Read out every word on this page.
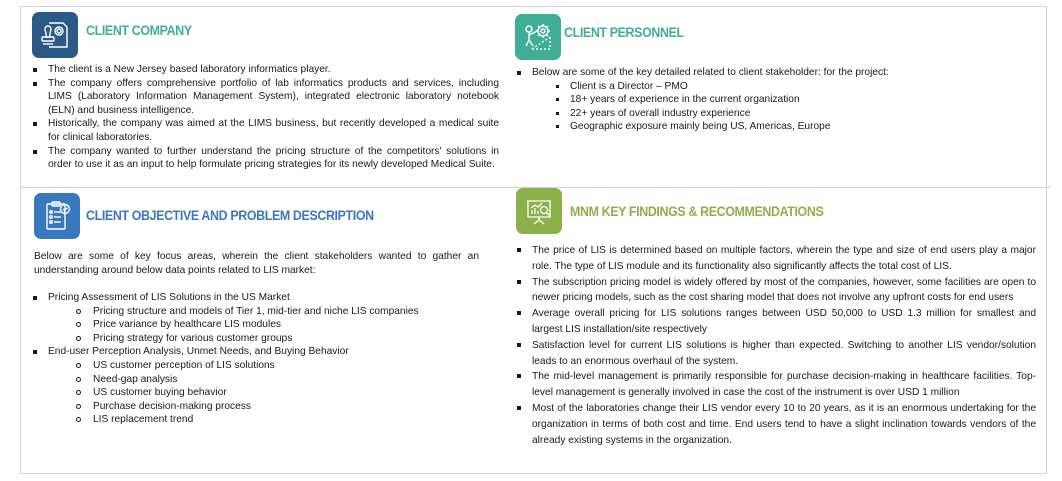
CLIENT COMPANY
The client is a New Jersey based laboratory informatics player.
The company offers comprehensive portfolio of lab informatics products and services, including LIMS (Laboratory Information Management System), integrated electronic laboratory notebook (ELN) and business intelligence.
Historically, the company was aimed at the LIMS business, but recently developed a medical suite for clinical laboratories.
The company wanted to further understand the pricing structure of the competitors' solutions in order to use it as an input to help formulate pricing strategies for its newly developed Medical Suite.
CLIENT PERSONNEL
Below are some of the key detailed related to client stakeholder: for the project:
Client is a Director – PMO
18+ years of experience in the current organization
22+ years of overall industry experience
Geographic exposure mainly being US, Americas, Europe
CLIENT OBJECTIVE AND PROBLEM DESCRIPTION
Below are some of key focus areas, wherein the client stakeholders wanted to gather an understanding around below data points related to LIS market:
Pricing Assessment of LIS Solutions in the US Market
Pricing structure and models of Tier 1, mid-tier and niche LIS companies
Price variance by healthcare LIS modules
Pricing strategy for various customer groups
End-user Perception Analysis, Unmet Needs, and Buying Behavior
US customer perception of LIS solutions
Need-gap analysis
US customer buying behavior
Purchase decision-making process
LIS replacement trend
MNM KEY FINDINGS & RECOMMENDATIONS
The price of LIS is determined based on multiple factors, wherein the type and size of end users play a major role. The type of LIS module and its functionality also significantly affects the total cost of LIS.
The subscription pricing model is widely offered by most of the companies, however, some facilities are open to newer pricing models, such as the cost sharing model that does not involve any upfront costs for end users
Average overall pricing for LIS solutions ranges between USD 50,000 to USD 1.3 million for smallest and largest LIS installation/site respectively
Satisfaction level for current LIS solutions is higher than expected. Switching to another LIS vendor/solution leads to an enormous overhaul of the system.
The mid-level management is primarily responsible for purchase decision-making in healthcare facilities. Top-level management is generally involved in case the cost of the instrument is over USD 1 million
Most of the laboratories change their LIS vendor every 10 to 20 years, as it is an enormous undertaking for the organization in terms of both cost and time. End users tend to have a slight inclination towards vendors of the already existing systems in the organization.
